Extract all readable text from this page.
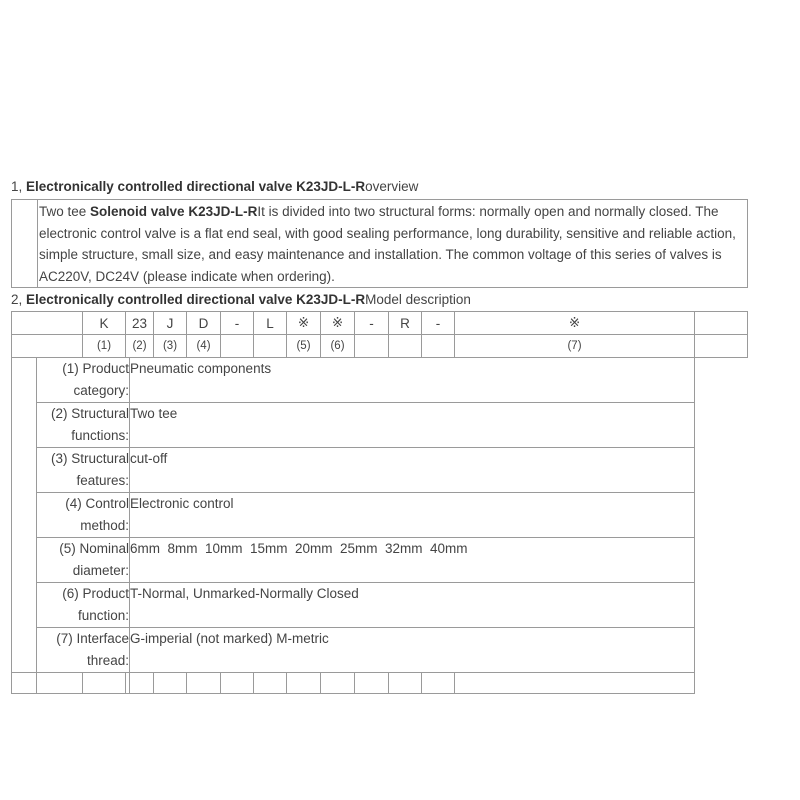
1, Electronically controlled directional valve K23JD-L-Roverview
Two tee Solenoid valve K23JD-L-RIt is divided into two structural forms: normally open and normally closed. The electronic control valve is a flat end seal, with good sealing performance, long durability, sensitive and reliable action, simple structure, small size, and easy maintenance and installation. The common voltage of this series of valves is AC220V, DC24V (please indicate when ordering).
2, Electronically controlled directional valve K23JD-L-RModel description
		K	23		J	D	-	L	※	※	-	R	-	※	
		(1)	(2)		(3)	(4)			(5)	(6)				(7)	

	(1) Product
category:			Pneumatic components											

	(2) Structural
functions:			Two tee											

	(3) Structural
features:			cut-off											

	(4) Control method:			Electronic control											

	(5) Nominal
diameter:			6mm  8mm  10mm  15mm  20mm  25mm  32mm  40mm											

	(6) Product function:			T-Normal, Unmarked-Normally Closed											

	(7) Interface thread:			G-imperial (not marked) M-metric											
